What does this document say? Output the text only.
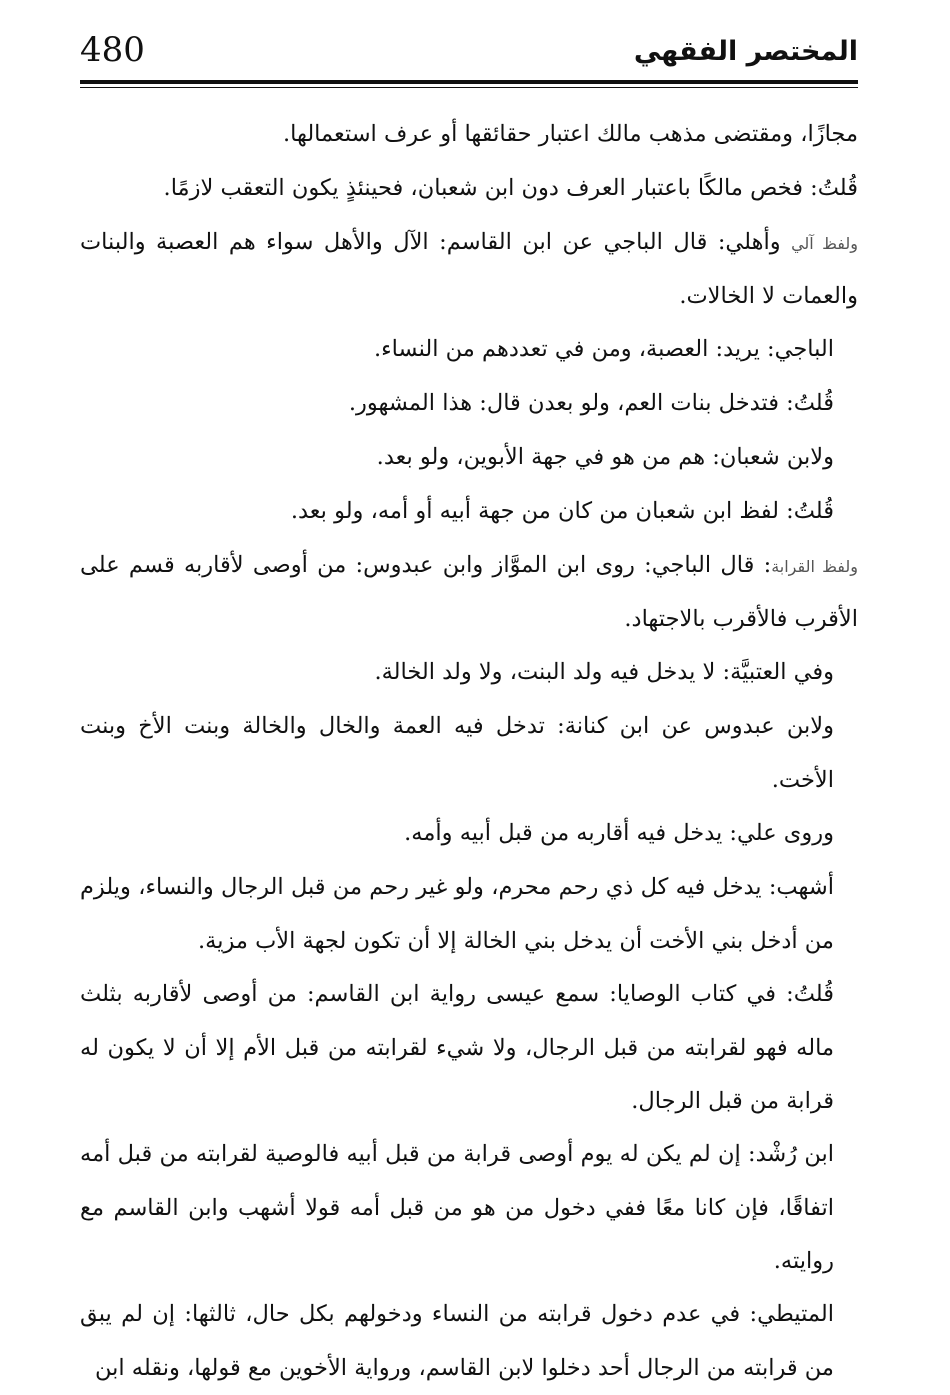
480	المختصر الفقهي

مجازًا، ومقتضى مذهب مالك اعتبار حقائقها أو عرف استعمالها.

قُلتُ: فخص مالكًا باعتبار العرف دون ابن شعبان، فحينئذٍ يكون التعقب لازمًا.

ولفظ آلي وأهلي: قال الباجي عن ابن القاسم: الآل والأهل سواء هم العصبة والبنات والعمات لا الخالات.

الباجي: يريد: العصبة، ومن في تعددهم من النساء.

قُلتُ: فتدخل بنات العم، ولو بعدن قال: هذا المشهور.

ولابن شعبان: هم من هو في جهة الأبوين، ولو بعد.

قُلتُ: لفظ ابن شعبان من كان من جهة أبيه أو أمه، ولو بعد.

ولفظ القرابة: قال الباجي: روى ابن الموَّاز وابن عبدوس: من أوصى لأقاربه قسم على الأقرب فالأقرب بالاجتهاد.

وفي العتبيَّة: لا يدخل فيه ولد البنت، ولا ولد الخالة.

ولابن عبدوس عن ابن كنانة: تدخل فيه العمة والخال والخالة وبنت الأخ وبنت الأخت.

وروى علي: يدخل فيه أقاربه من قبل أبيه وأمه.

أشهب: يدخل فيه كل ذي رحم محرم، ولو غير رحم من قبل الرجال والنساء، ويلزم من أدخل بني الأخت أن يدخل بني الخالة إلا أن تكون لجهة الأب مزية.

قُلتُ: في كتاب الوصايا: سمع عيسى رواية ابن القاسم: من أوصى لأقاربه بثلث ماله فهو لقرابته من قبل الرجال، ولا شيء لقرابته من قبل الأم إلا أن لا يكون له قرابة من قبل الرجال.

ابن رُشْد: إن لم يكن له يوم أوصى قرابة من قبل أبيه فالوصية لقرابته من قبل أمه اتفاقًا، فإن كانا معًا ففي دخول من هو من قبل أمه قولا أشهب وابن القاسم مع روايته.

المتيطي: في عدم دخول قرابته من النساء ودخولهم بكل حال، ثالثها: إن لم يبق من قرابته من الرجال أحد دخلوا لابن القاسم، ورواية الأخوين مع قولها، ونقله ابن
